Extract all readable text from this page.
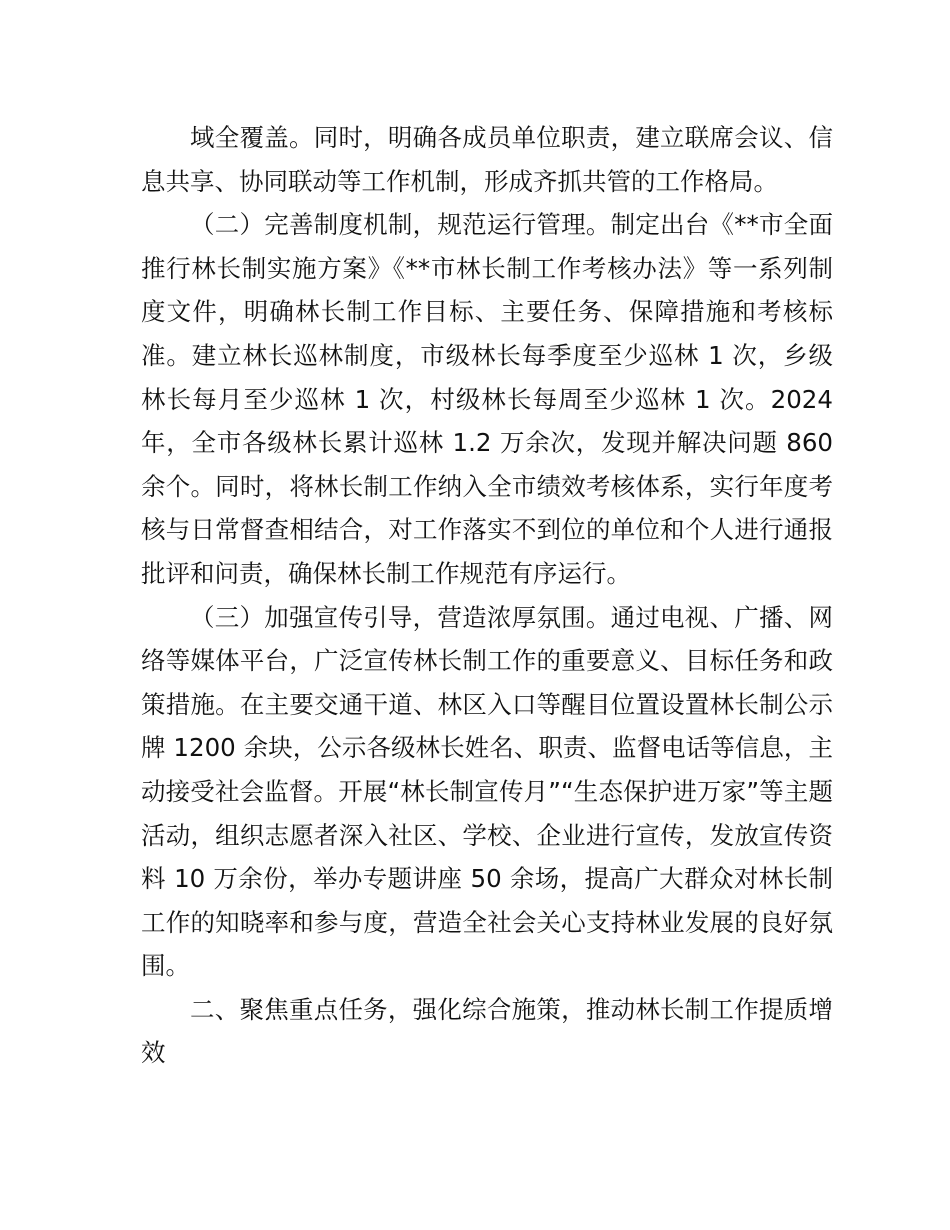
域全覆盖。同时，明确各成员单位职责，建立联席会议、信息共享、协同联动等工作机制，形成齐抓共管的工作格局。

（二）完善制度机制，规范运行管理。制定出台《**市全面推行林长制实施方案》《**市林长制工作考核办法》等一系列制度文件，明确林长制工作目标、主要任务、保障措施和考核标准。建立林长巡林制度，市级林长每季度至少巡林 1 次，乡级林长每月至少巡林 1 次，村级林长每周至少巡林 1 次。2024 年，全市各级林长累计巡林 1.2 万余次，发现并解决问题 860 余个。同时，将林长制工作纳入全市绩效考核体系，实行年度考核与日常督查相结合，对工作落实不到位的单位和个人进行通报批评和问责，确保林长制工作规范有序运行。

（三）加强宣传引导，营造浓厚氛围。通过电视、广播、网络等媒体平台，广泛宣传林长制工作的重要意义、目标任务和政策措施。在主要交通干道、林区入口等醒目位置设置林长制公示牌 1200 余块，公示各级林长姓名、职责、监督电话等信息，主动接受社会监督。开展“林长制宣传月”“生态保护进万家”等主题活动，组织志愿者深入社区、学校、企业进行宣传，发放宣传资料 10 万余份，举办专题讲座 50 余场，提高广大群众对林长制工作的知晓率和参与度，营造全社会关心支持林业发展的良好氛围。

二、聚焦重点任务，强化综合施策，推动林长制工作提质增效
